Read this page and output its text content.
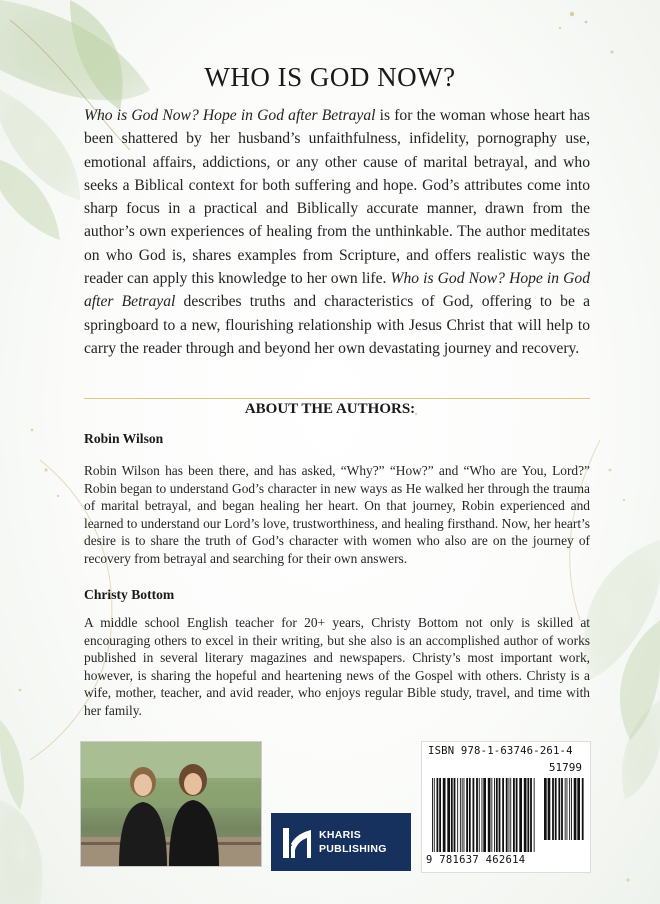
WHO IS GOD NOW?

Who is God Now? Hope in God after Betrayal is for the woman whose heart has been shattered by her husband’s unfaithfulness, infidelity, pornography use, emotional affairs, addictions, or any other cause of marital betrayal, and who seeks a Biblical context for both suffering and hope. God’s attributes come into sharp focus in a practical and Biblically accurate manner, drawn from the author’s own experiences of healing from the unthinkable. The author meditates on who God is, shares examples from Scripture, and offers realistic ways the reader can apply this knowledge to her own life. Who is God Now? Hope in God after Betrayal describes truths and characteristics of God, offering to be a springboard to a new, flourishing relationship with Jesus Christ that will help to carry the reader through and beyond her own devastating journey and recovery.

ABOUT THE AUTHORS:
Robin Wilson

Robin Wilson has been there, and has asked, “Why?” “How?” and “Who are You, Lord?” Robin began to understand God’s character in new ways as He walked her through the trauma of marital betrayal, and began healing her heart. On that journey, Robin experienced and learned to understand our Lord’s love, trustworthiness, and healing firsthand. Now, her heart’s desire is to share the truth of God’s character with women who also are on the journey of recovery from betrayal and searching for their own answers.

Christy Bottom

A middle school English teacher for 20+ years, Christy Bottom not only is skilled at encouraging others to excel in their writing, but she also is an accomplished author of works published in several literary magazines and newspapers. Christy’s most important work, however, is sharing the hopeful and heartening news of the Gospel with others. Christy is a wife, mother, teacher, and avid reader, who enjoys regular Bible study, travel, and time with her family.

KHARIS
PUBLISHING
ISBN 978-1-63746-261-4
51799
9 781637 462614
